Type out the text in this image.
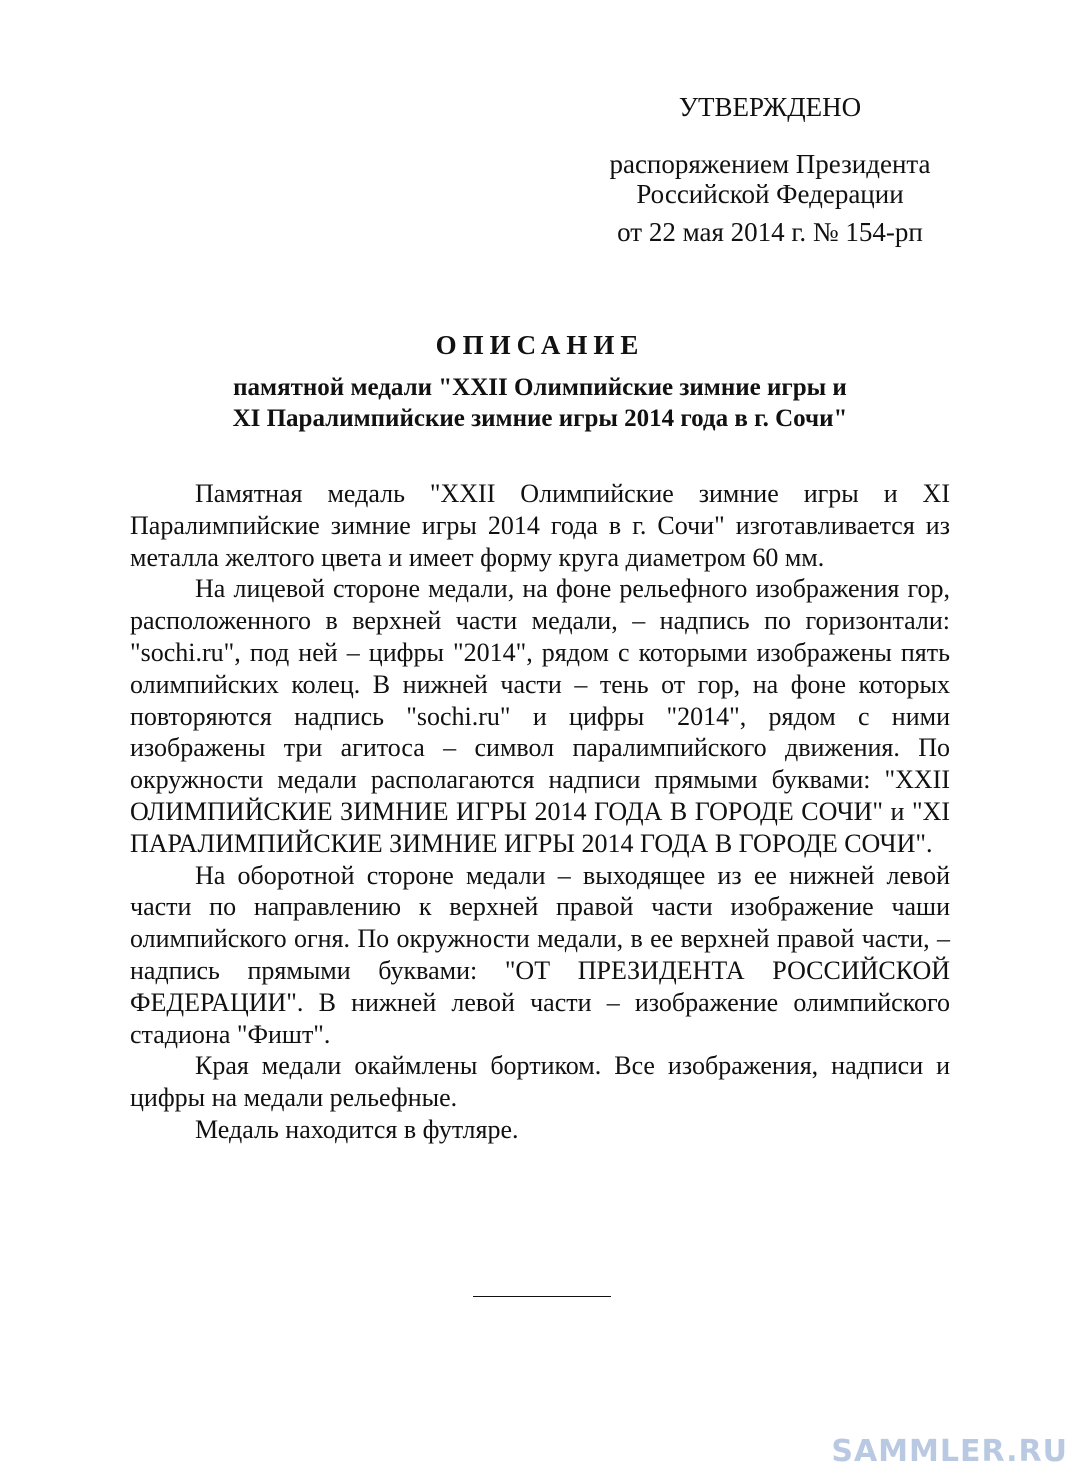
УТВЕРЖДЕНО
распоряжением Президента
Российской Федерации
от 22 мая 2014 г. № 154-рп
ОПИСАНИЕ
памятной медали "XXII Олимпийские зимние игры и
XI Паралимпийские зимние игры 2014 года в г. Сочи"

Памятная медаль "XXII Олимпийские зимние игры и XI Паралимпийские зимние игры 2014 года в г. Сочи" изготавливается из металла желтого цвета и имеет форму круга диаметром 60 мм.

На лицевой стороне медали, на фоне рельефного изображения гор, расположенного в верхней части медали, – надпись по горизонтали: "sochi.ru", под ней – цифры "2014", рядом с которыми изображены пять олимпийских колец. В нижней части – тень от гор, на фоне которых повторяются надпись "sochi.ru" и цифры "2014", рядом с ними изображены три агитоса – символ паралимпийского движения. По окружности медали располагаются надписи прямыми буквами: "XXII ОЛИМПИЙСКИЕ ЗИМНИЕ ИГРЫ 2014 ГОДА В ГОРОДЕ СОЧИ" и "XI ПАРАЛИМПИЙСКИЕ ЗИМНИЕ ИГРЫ 2014 ГОДА В ГОРОДЕ СОЧИ".

На оборотной стороне медали – выходящее из ее нижней левой части по направлению к верхней правой части изображение чаши олимпийского огня. По окружности медали, в ее верхней правой части, – надпись прямыми буквами: "ОТ ПРЕЗИДЕНТА РОССИЙСКОЙ ФЕДЕРАЦИИ". В нижней левой части – изображение олимпийского стадиона "Фишт".

Края медали окаймлены бортиком. Все изображения, надписи и цифры на медали рельефные.

Медаль находится в футляре.

SAMMLER.RU
